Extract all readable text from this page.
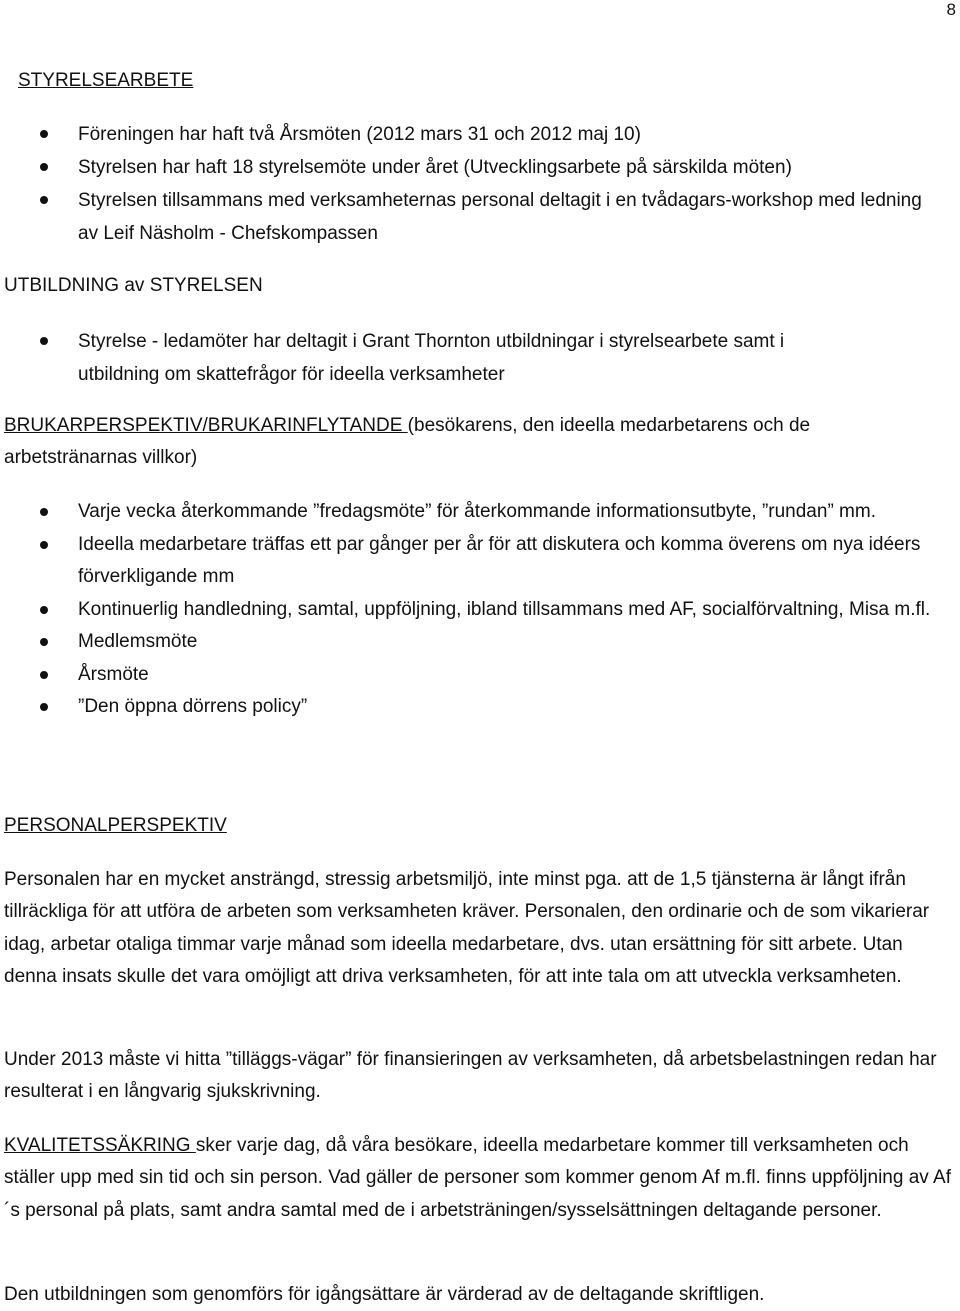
8
STYRELSEARBETE
Föreningen har haft två Årsmöten (2012 mars 31 och 2012 maj 10)
Styrelsen har haft 18 styrelsemöte under året (Utvecklingsarbete på särskilda möten)
Styrelsen tillsammans med verksamheternas personal deltagit i en tvådagars-workshop med ledning av Leif Näsholm - Chefskompassen
UTBILDNING av STYRELSEN
Styrelse - ledamöter har deltagit i Grant Thornton utbildningar i styrelsearbete samt i utbildning om skattefrågor för ideella verksamheter
BRUKARPERSPEKTIV/BRUKARINFLYTANDE (besökarens, den ideella medarbetarens och de arbetstränarnas villkor)
Varje vecka återkommande ”fredagsmöte” för återkommande informationsutbyte, ”rundan” mm.
Ideella medarbetare träffas ett par gånger per år för att diskutera och komma överens om nya idéers förverkligande mm
Kontinuerlig handledning, samtal, uppföljning, ibland tillsammans med AF, socialförvaltning, Misa m.fl.
Medlemsmöte
Årsmöte
”Den öppna dörrens policy”
PERSONALPERSPEKTIV

Personalen har en mycket ansträngd, stressig arbetsmiljö, inte minst pga. att de 1,5 tjänsterna är långt ifrån tillräckliga för att utföra de arbeten som verksamheten kräver. Personalen, den ordinarie och de som vikarierar idag, arbetar otaliga timmar varje månad som ideella medarbetare, dvs. utan ersättning för sitt arbete. Utan denna insats skulle det vara omöjligt att driva verksamheten, för att inte tala om att utveckla verksamheten.

Under 2013 måste vi hitta ”tilläggs-vägar” för finansieringen av verksamheten, då arbetsbelastningen redan har resulterat i en långvarig sjukskrivning.

KVALITETSSÄKRING sker varje dag, då våra besökare, ideella medarbetare kommer till verksamheten och ställer upp med sin tid och sin person. Vad gäller de personer som kommer genom Af m.fl. finns uppföljning av Af´s personal på plats, samt andra samtal med de i arbetsträningen/sysselsättningen deltagande personer.

Den utbildningen som genomförs för igångsättare är värderad av de deltagande skriftligen.
